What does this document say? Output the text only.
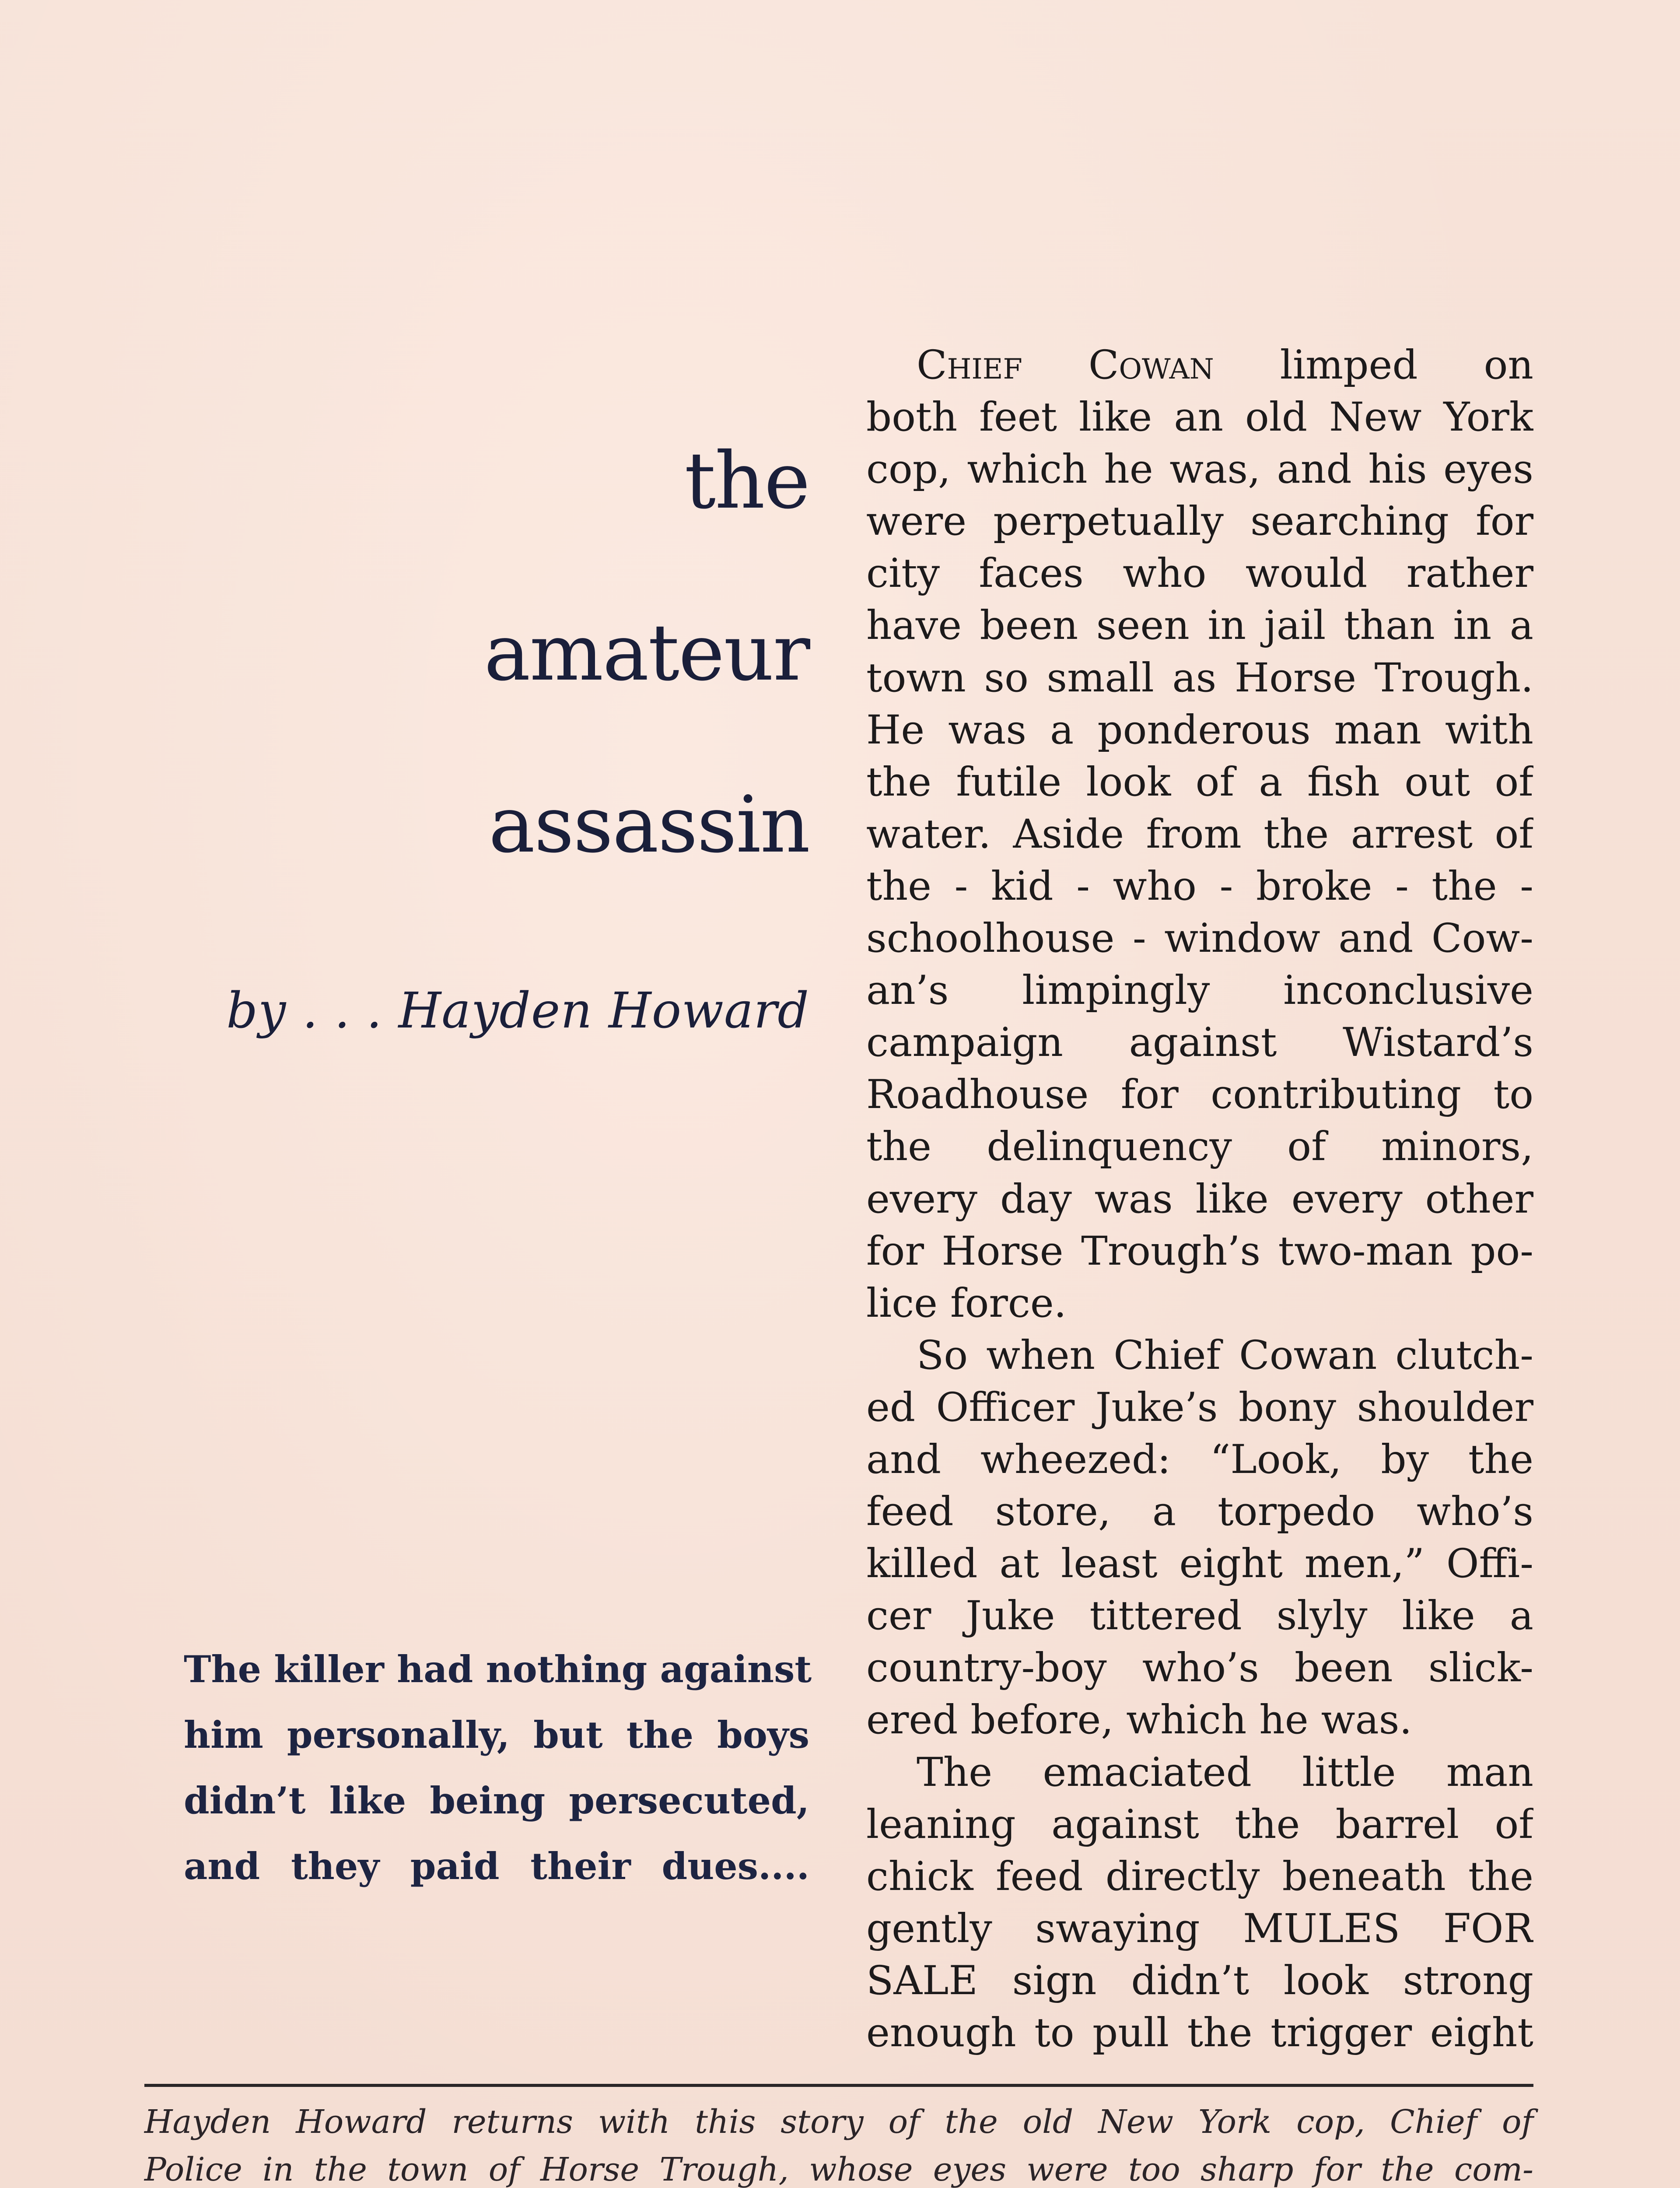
the
amateur
assassin
by . . . Hayden Howard
The killer had nothing against
him personally, but the boys
didn’t like being persecuted,
and they paid their dues....
Chief Cowan limped on
both feet like an old New York
cop, which he was, and his eyes
were perpetually searching for
city faces who would rather
have been seen in jail than in a
town so small as Horse Trough.
He was a ponderous man with
the futile look of a fish out of
water. Aside from the arrest of
the - kid - who - broke - the -
schoolhouse - window and Cow-
an’s limpingly inconclusive
campaign against Wistard’s
Roadhouse for contributing to
the delinquency of minors,
every day was like every other
for Horse Trough’s two-man po-
lice force.
So when Chief Cowan clutch-
ed Officer Juke’s bony shoulder
and wheezed: “Look, by the
feed store, a torpedo who’s
killed at least eight men,” Offi-
cer Juke tittered slyly like a
country-boy who’s been slick-
ered before, which he was.
The emaciated little man
leaning against the barrel of
chick feed directly beneath the
gently swaying MULES FOR
SALE sign didn’t look strong
enough to pull the trigger eight
Hayden Howard returns with this story of the old New York cop, Chief of
Police in the town of Horse Trough, whose eyes were too sharp for the com-
